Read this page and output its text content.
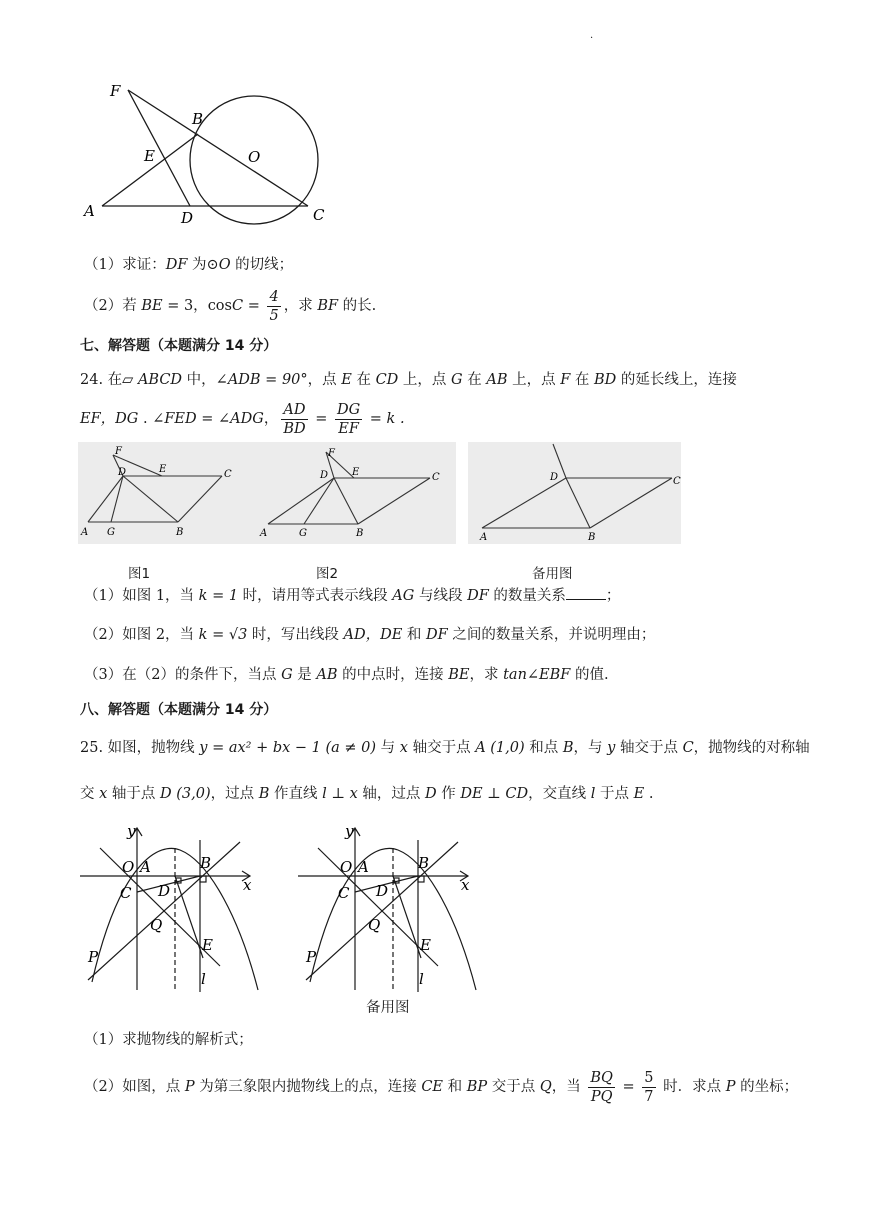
.
F
B
E	O
A	D	C
（1）求证：DF 为⊙O 的切线；
（2）若 BE = 3，$\cos C = \frac{4}{5}$ ，求 BF 的长.
七、解答题（本题满分 14 分）
24. 在▱ ABCD 中，∠ADB = 90°，点 E 在 CD 上，点 G 在 AB 上，点 F 在 BD 的延长线上，连接
EF，DG . ∠FED = ∠ADG， $\frac{AD}{BD} = \frac{DG}{EF} = k$ .
F
D	E	C
A G	B
F
D E	C
A	G	B
D	C
A	B
图1	图2	备用图
（1）如图 1，当 k = 1 时，请用等式表示线段 AG 与线段 DF 的数量关系	；
（2）如图 2，当 k = √3 时，写出线段 AD，DE 和 DF 之间的数量关系，并说明理由；
（3）在（2）的条件下，当点 G 是 AB 的中点时，连接 BE，求 tan∠EBF 的值.
八、解答题（本题满分 14 分）
25. 如图，抛物线 y = ax² + bx − 1 (a ≠ 0) 与 x 轴交于点 A (1,0) 和点 B，与 y 轴交于点 C，抛物线的对称轴
交 x 轴于点 D (3,0)，过点 B 作直线 l ⊥ x 轴，过点 D 作 DE ⊥ CD，交直线 l 于点 E .
y
x
O A	B
C D
Q
P
E
l
y
x
O A	B
C D
Q
P
E
l
备用图
（1）求抛物线的解析式；
（2）如图，点 P 为第三象限内抛物线上的点，连接 CE 和 BP 交于点 Q，当 $\frac{BQ}{PQ} = \frac{5}{7}$ 时．求点 P 的坐标；
